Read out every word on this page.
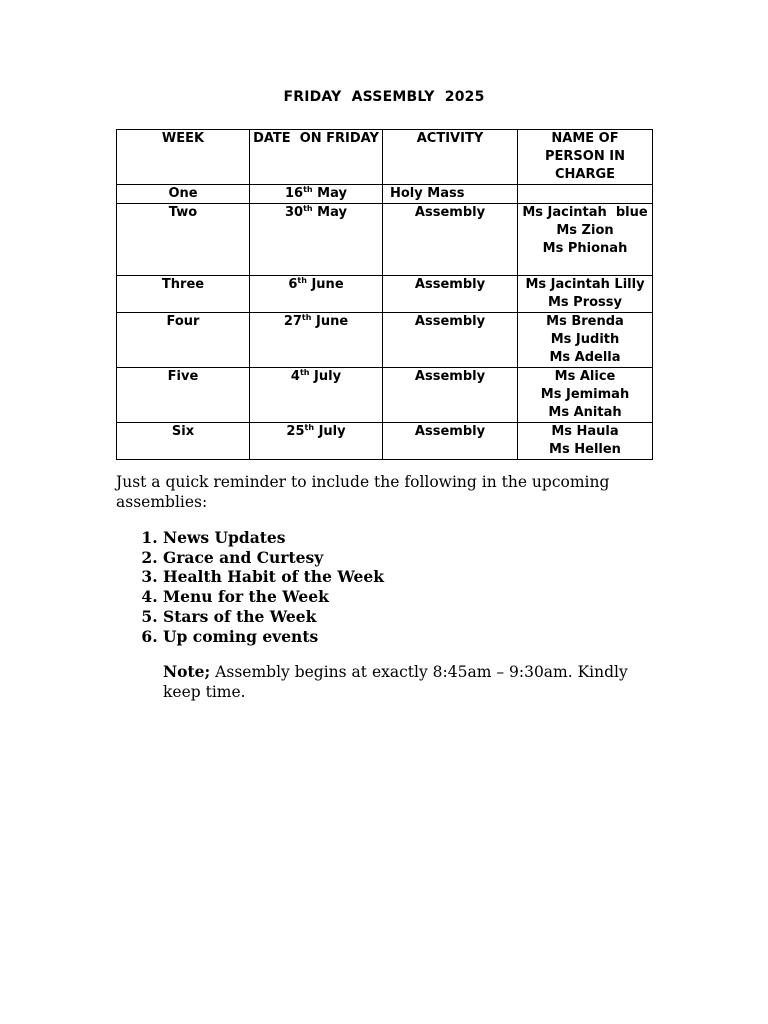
FRIDAY  ASSEMBLY  2025
WEEK	DATE  ON FRIDAY	ACTIVITY	NAME OF PERSON IN CHARGE
One	16th May	Holy Mass	
Two	30th May	Assembly	Ms Jacintah  blue
Ms Zion
Ms Phionah

Three	6th June	Assembly	Ms Jacintah Lilly
Ms Prossy

Four	27th June	Assembly	Ms Brenda
Ms Judith
Ms Adella

Five	4th July	Assembly	Ms Alice
Ms Jemimah
Ms Anitah

Six	25th July	Assembly	Ms Haula
Ms Hellen
Just a quick reminder to include the following in the upcoming assemblies:
1. News Updates
2. Grace and Curtesy
3. Health Habit of the Week
4. Menu for the Week
5. Stars of the Week
6. Up coming events
Note; Assembly begins at exactly 8:45am – 9:30am. Kindly keep time.
